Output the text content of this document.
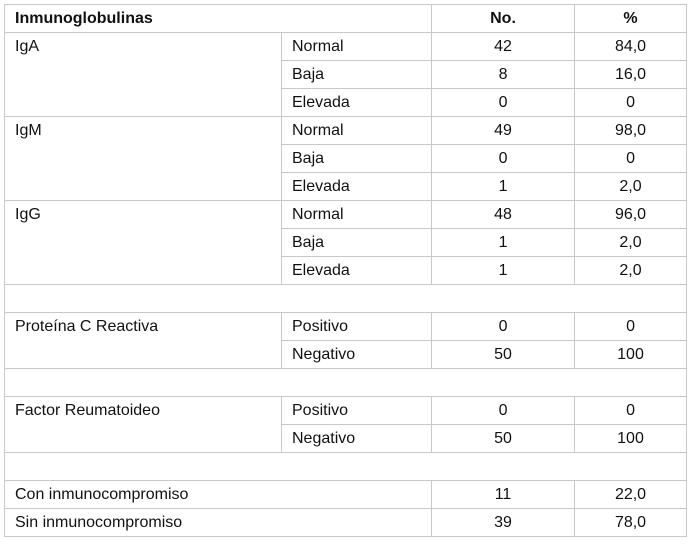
Inmunoglobulinas		No.	%
IgA	Normal	42	84,0
	Baja	8	16,0
	Elevada	0	0
IgM	Normal	49	98,0
	Baja	0	0
	Elevada	1	2,0
IgG	Normal	48	96,0
	Baja	1	2,0
	Elevada	1	2,0

Proteína C Reactiva	Positivo	0	0
	Negativo	50	100

Factor Reumatoideo	Positivo	0	0
	Negativo	50	100

Con inmunocompromiso		11	22,0
Sin inmunocompromiso		39	78,0
